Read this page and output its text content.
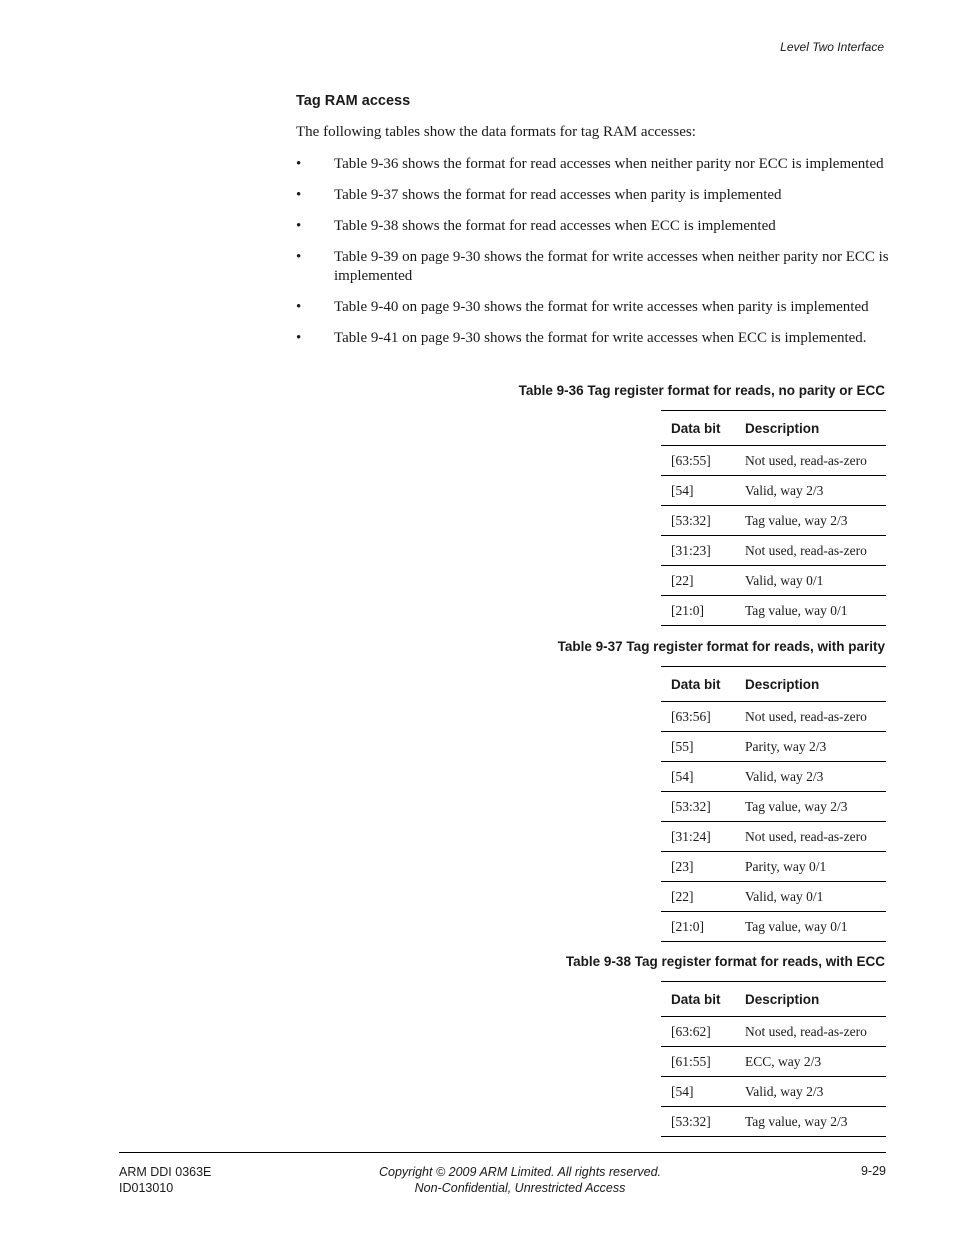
Level Two Interface
Tag RAM access

The following tables show the data formats for tag RAM accesses:

• Table 9-36 shows the format for read accesses when neither parity nor ECC is implemented
• Table 9-37 shows the format for read accesses when parity is implemented
• Table 9-38 shows the format for read accesses when ECC is implemented
• Table 9-39 on page 9-30 shows the format for write accesses when neither parity nor ECC is implemented
• Table 9-40 on page 9-30 shows the format for write accesses when parity is implemented
• Table 9-41 on page 9-30 shows the format for write accesses when ECC is implemented.

Table 9-36 Tag register format for reads, no parity or ECC

Data bit	Description
[63:55]	Not used, read-as-zero
[54]	Valid, way 2/3
[53:32]	Tag value, way 2/3
[31:23]	Not used, read-as-zero
[22]	Valid, way 0/1
[21:0]	Tag value, way 0/1

Table 9-37 Tag register format for reads, with parity

Data bit	Description
[63:56]	Not used, read-as-zero
[55]	Parity, way 2/3
[54]	Valid, way 2/3
[53:32]	Tag value, way 2/3
[31:24]	Not used, read-as-zero
[23]	Parity, way 0/1
[22]	Valid, way 0/1
[21:0]	Tag value, way 0/1

Table 9-38 Tag register format for reads, with ECC

Data bit	Description
[63:62]	Not used, read-as-zero
[61:55]	ECC, way 2/3
[54]	Valid, way 2/3
[53:32]	Tag value, way 2/3
ARM DDI 0363E
ID013010
Copyright © 2009 ARM Limited. All rights reserved.
Non-Confidential, Unrestricted Access
9-29
